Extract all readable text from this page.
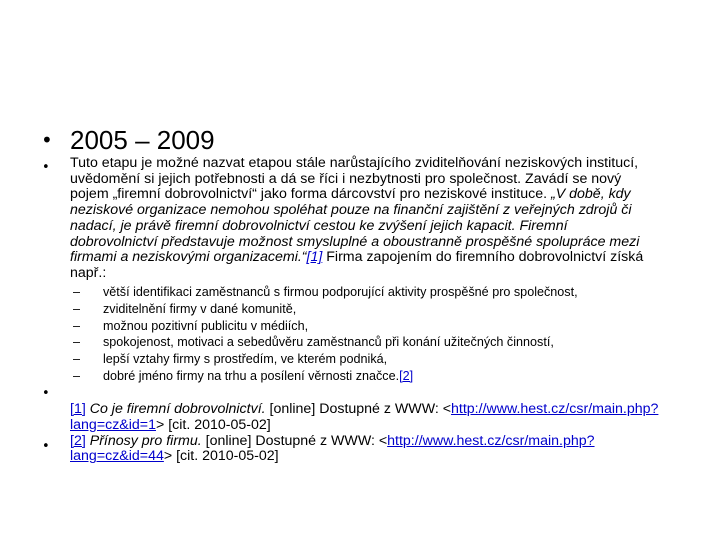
• 2005 – 2009
• Tuto etapu je možné nazvat etapou stále narůstajícího zviditelňování neziskových institucí, uvědomění si jejich potřebnosti a dá se říci i nezbytnosti pro společnost. Zavádí se nový pojem „firemní dobrovolnictví“ jako forma dárcovství pro neziskové instituce. „V době, kdy neziskové organizace nemohou spoléhat pouze na finanční zajištění z veřejných zdrojů či nadací, je právě firemní dobrovolnictví cestou ke zvýšení jejich kapacit. Firemní dobrovolnictví představuje možnost smysluplné a oboustranně prospěšné spolupráce mezi firmami a neziskovými organizacemi.“[1] Firma zapojením do firemního dobrovolnictví získá např.:

– větší identifikaci zaměstnanců s firmou podporující aktivity prospěšné pro společnost,
– zviditelnění firmy v dané komunitě,
– možnou pozitivní publicitu v médiích,
– spokojenost, motivaci a sebedůvěru zaměstnanců při konání užitečných činností,
– lepší vztahy firmy s prostředím, ve kterém podniká,
– dobré jméno firmy na trhu a posílení věrnosti značce.[2]
•
•

[1] Co je firemní dobrovolnictví. [online] Dostupné z WWW: <http://www.hest.cz/csr/main.php?lang=cz&id=1> [cit. 2010-05-02]

[2] Přínosy pro firmu. [online] Dostupné z WWW: <http://www.hest.cz/csr/main.php?lang=cz&id=44> [cit. 2010-05-02]
